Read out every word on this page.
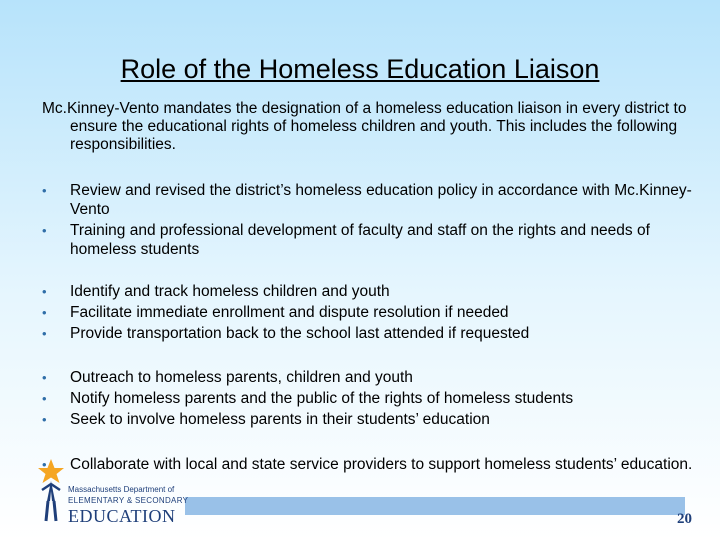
Role of the Homeless Education Liaison
Mc.Kinney-Vento mandates the designation of a homeless education liaison in every district to ensure the educational rights of homeless children and youth. This includes the following responsibilities.
• Review and revised the district’s homeless education policy in accordance with Mc.Kinney-Vento
• Training and professional development of faculty and staff on the rights and needs of homeless students
• Identify and track homeless children and youth
• Facilitate immediate enrollment and dispute resolution if needed
• Provide transportation back to the school last attended if requested
• Outreach to homeless parents, children and youth
• Notify homeless parents and the public of the rights of homeless students
• Seek to involve homeless parents in their students’ education
Massachusetts Department of
ELEMENTARY & SECONDARY
EDUCATION
• Collaborate with local and state service providers to support homeless students’ education.
20
